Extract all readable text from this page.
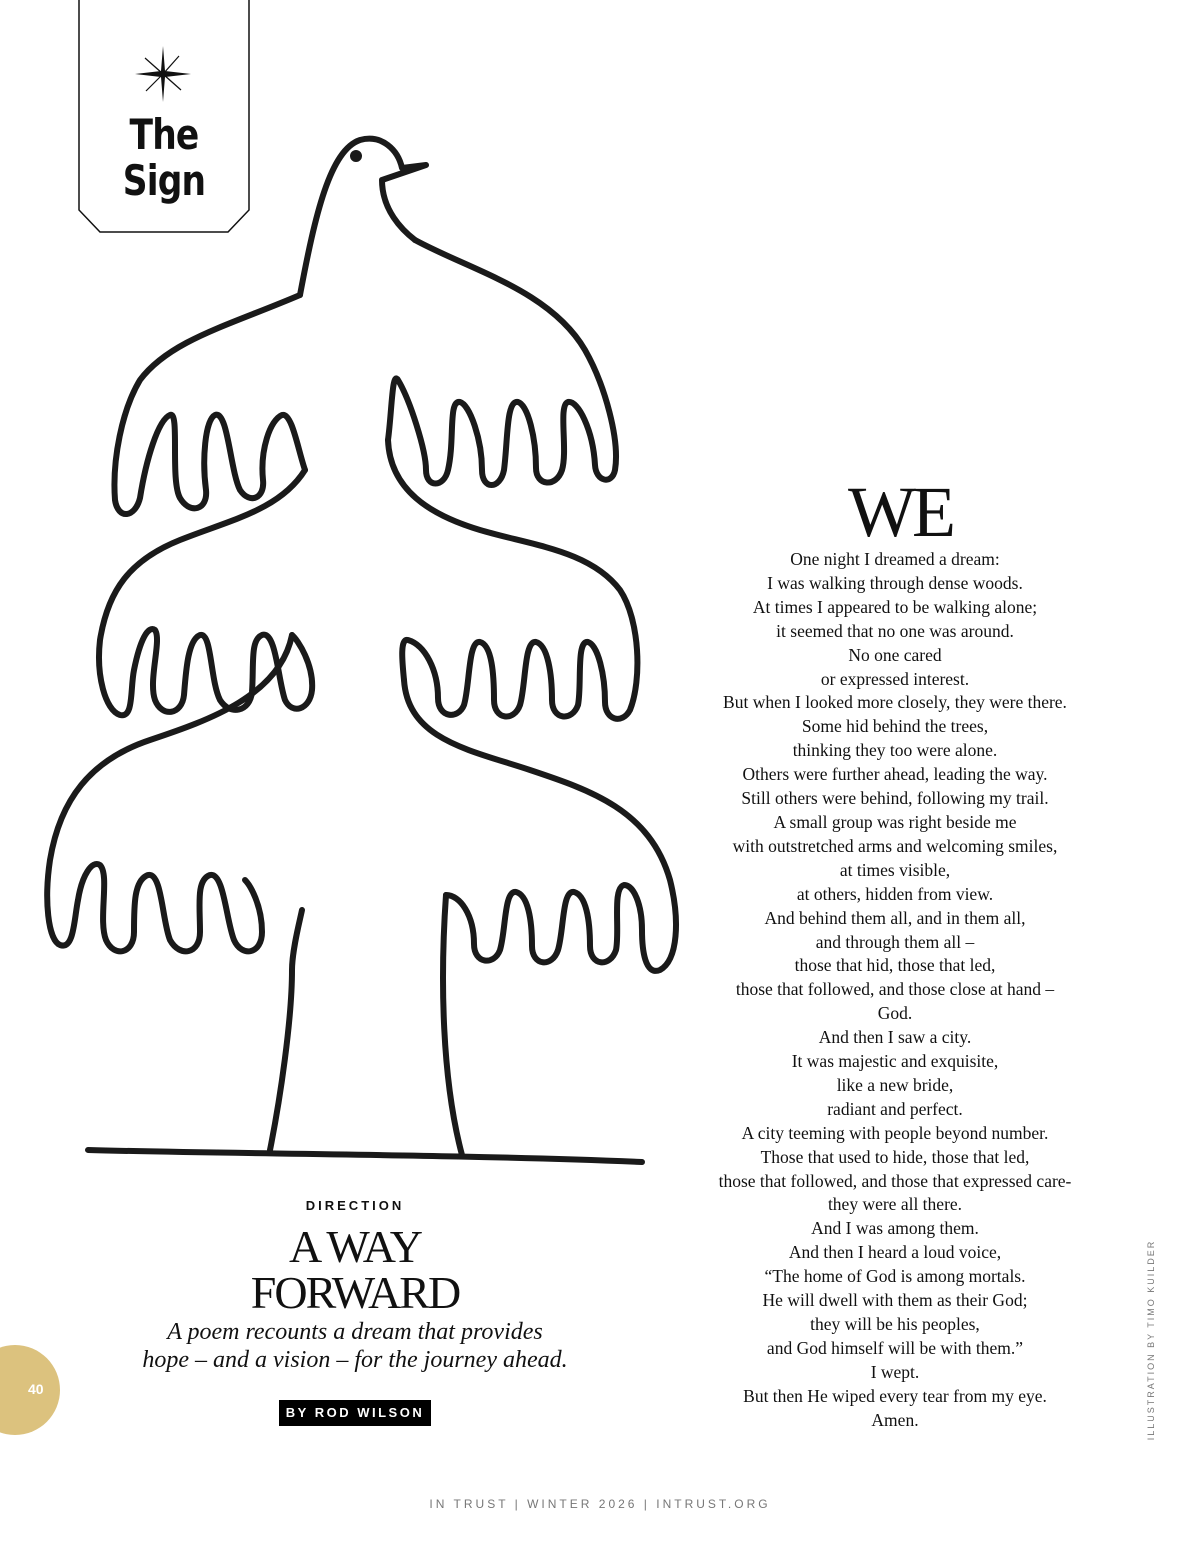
The Sign
DIRECTION
A WAY
FORWARD
A poem recounts a dream that provides
hope – and a vision – for the journey ahead.
BY ROD WILSON
40
WE
One night I dreamed a dream:
I was walking through dense woods.
At times I appeared to be walking alone;
it seemed that no one was around.
No one cared
or expressed interest.
But when I looked more closely, they were there.
Some hid behind the trees,
thinking they too were alone.
Others were further ahead, leading the way.
Still others were behind, following my trail.
A small group was right beside me
with outstretched arms and welcoming smiles,
at times visible,
at others, hidden from view.
And behind them all, and in them all,
and through them all –
those that hid, those that led,
those that followed, and those close at hand –
God.
And then I saw a city.
It was majestic and exquisite,
like a new bride,
radiant and perfect.
A city teeming with people beyond number.
Those that used to hide, those that led,
those that followed, and those that expressed care-
they were all there.
And I was among them.
And then I heard a loud voice,
“The home of God is among mortals.
He will dwell with them as their God;
they will be his peoples,
and God himself will be with them.”
I wept.
But then He wiped every tear from my eye.
Amen.	ILLUSTRATION BY TIMO KUILDER
IN TRUST | WINTER 2026 | INTRUST.ORG
